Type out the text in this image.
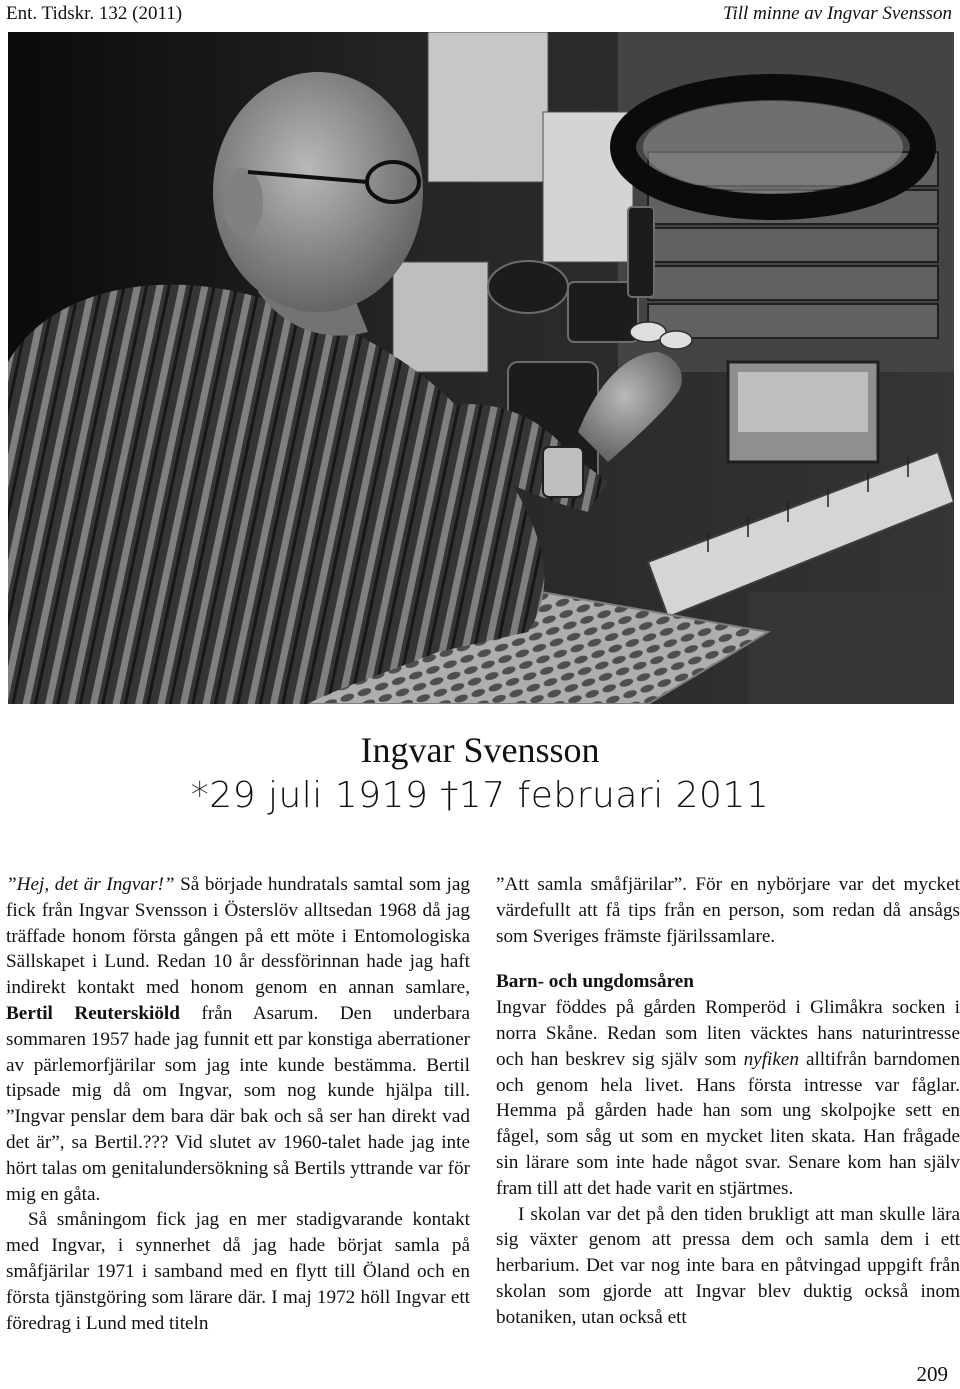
Ent. Tidskr. 132 (2011)	Till minne av Ingvar Svensson
Ingvar Svensson
*29 juli 1919 †17 februari 2011

”Hej, det är Ingvar!” Så började hundratals samtal som jag fick från Ingvar Svensson i Österslöv alltsedan 1968 då jag träffade honom första gången på ett möte i Entomologiska Sällskapet i Lund. Redan 10 år dessförinnan hade jag haft indirekt kontakt med honom genom en annan samlare, Bertil Reuterskiöld från Asarum. Den underbara sommaren 1957 hade jag funnit ett par konstiga aberrationer av pärlemorfjärilar som jag inte kunde bestämma. Bertil tipsade mig då om Ingvar, som nog kunde hjälpa till. ”Ingvar penslar dem bara där bak och så ser han direkt vad det är”, sa Bertil.??? Vid slutet av 1960-talet hade jag inte hört talas om genitalundersökning så Bertils yttrande var för mig en gåta.

Så småningom fick jag en mer stadigvarande kontakt med Ingvar, i synnerhet då jag hade börjat samla på småfjärilar 1971 i samband med en flytt till Öland och en första tjänstgöring som lärare där. I maj 1972 höll Ingvar ett föredrag i Lund med titeln

”Att samla småfjärilar”. För en nybörjare var det mycket värdefullt att få tips från en person, som redan då ansågs som Sveriges främste fjärilssamlare.

Barn- och ungdomsåren

Ingvar föddes på gården Romperöd i Glimåkra socken i norra Skåne. Redan som liten väcktes hans naturintresse och han beskrev sig själv som nyfiken alltifrån barndomen och genom hela livet. Hans första intresse var fåglar. Hemma på gården hade han som ung skolpojke sett en fågel, som såg ut som en mycket liten skata. Han frågade sin lärare som inte hade något svar. Senare kom han själv fram till att det hade varit en stjärtmes.

I skolan var det på den tiden brukligt att man skulle lära sig växter genom att pressa dem och samla dem i ett herbarium. Det var nog inte bara en påtvingad uppgift från skolan som gjorde att Ingvar blev duktig också inom botaniken, utan också ett

209
